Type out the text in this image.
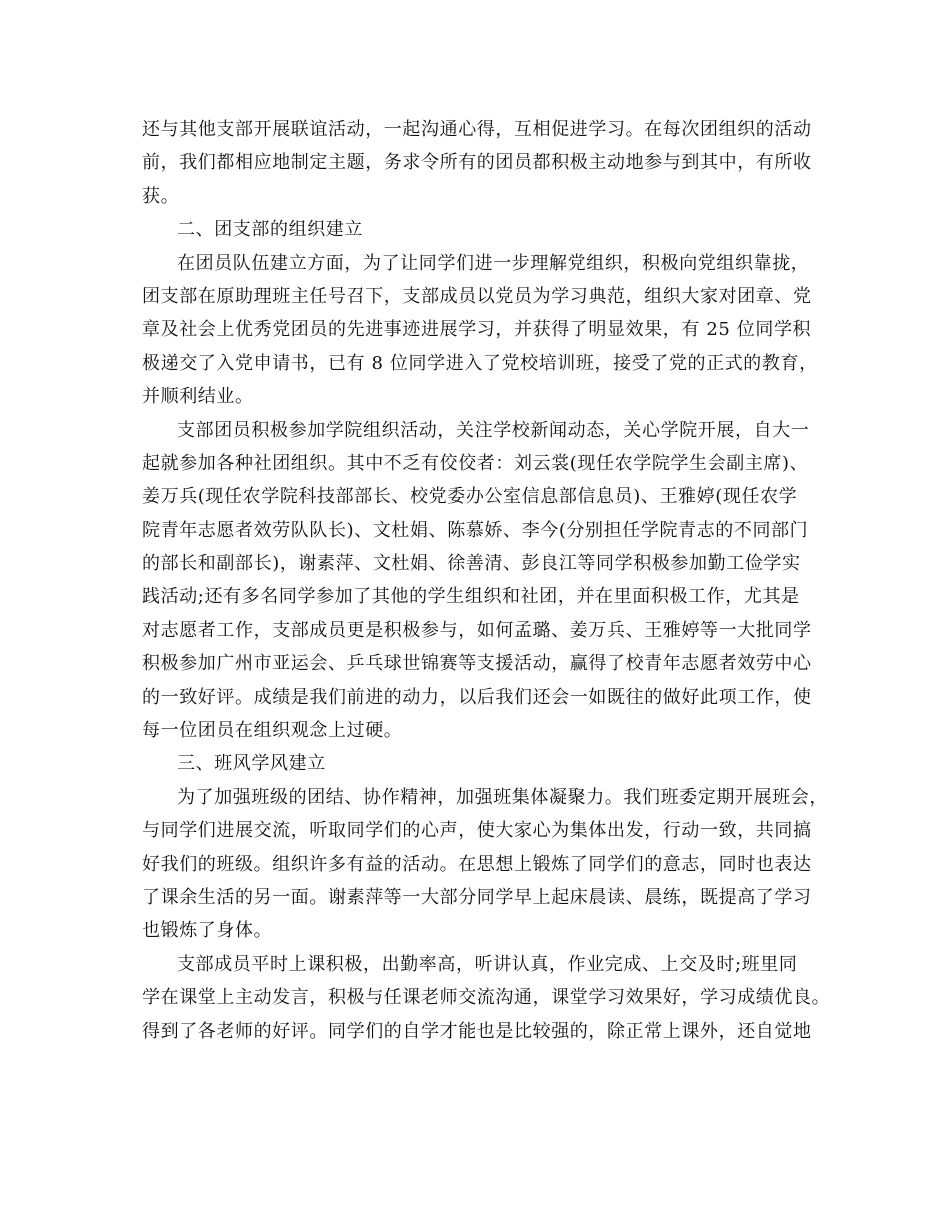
还与其他支部开展联谊活动，一起沟通心得，互相促进学习。在每次团组织的活动
前，我们都相应地制定主题，务求令所有的团员都积极主动地参与到其中，有所收
获。
二、团支部的组织建立
在团员队伍建立方面，为了让同学们进一步理解党组织，积极向党组织靠拢，
团支部在原助理班主任号召下，支部成员以党员为学习典范，组织大家对团章、党
章及社会上优秀党团员的先进事迹进展学习，并获得了明显效果，有 25 位同学积
极递交了入党申请书，已有 8 位同学进入了党校培训班，接受了党的正式的教育，
并顺利结业。
支部团员积极参加学院组织活动，关注学校新闻动态，关心学院开展，自大一
起就参加各种社团组织。其中不乏有佼佼者：刘云裳(现任农学院学生会副主席)、
姜万兵(现任农学院科技部部长、校党委办公室信息部信息员)、王雅婷(现任农学
院青年志愿者效劳队队长)、文杜娟、陈慕娇、李今(分别担任学院青志的不同部门
的部长和副部长)，谢素萍、文杜娟、徐善清、彭良江等同学积极参加勤工俭学实
践活动;还有多名同学参加了其他的学生组织和社团，并在里面积极工作，尤其是
对志愿者工作，支部成员更是积极参与，如何孟璐、姜万兵、王雅婷等一大批同学
积极参加广州市亚运会、乒乓球世锦赛等支援活动，赢得了校青年志愿者效劳中心
的一致好评。成绩是我们前进的动力，以后我们还会一如既往的做好此项工作，使
每一位团员在组织观念上过硬。
三、班风学风建立
为了加强班级的团结、协作精神，加强班集体凝聚力。我们班委定期开展班会，
与同学们进展交流，听取同学们的心声，使大家心为集体出发，行动一致，共同搞
好我们的班级。组织许多有益的活动。在思想上锻炼了同学们的意志，同时也表达
了课余生活的另一面。谢素萍等一大部分同学早上起床晨读、晨练，既提高了学习
也锻炼了身体。
支部成员平时上课积极，出勤率高，听讲认真，作业完成、上交及时;班里同
学在课堂上主动发言，积极与任课老师交流沟通，课堂学习效果好，学习成绩优良。
得到了各老师的好评。同学们的自学才能也是比较强的，除正常上课外，还自觉地
